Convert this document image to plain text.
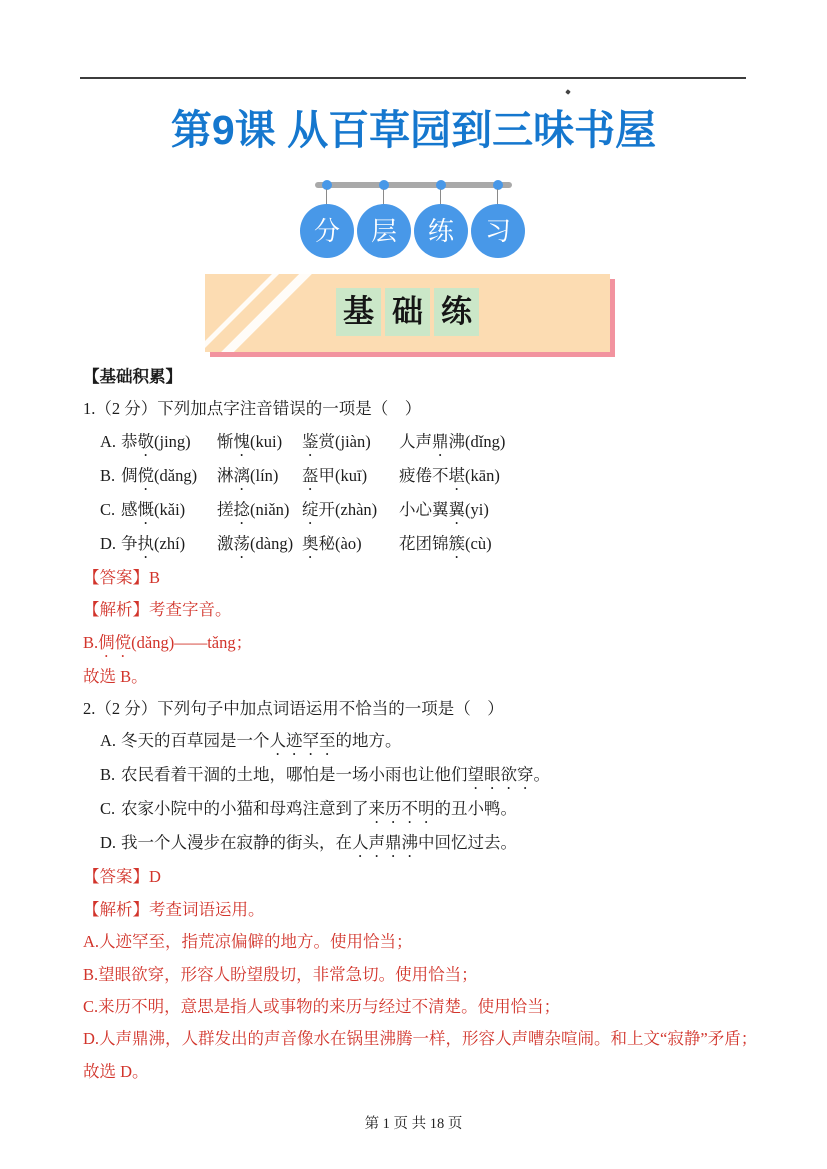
第9课 从百草园到三味书屋
分	层	练	习
基 础 练

【基础积累】

1.（2 分）下列加点字注音错误的一项是（　）

A. 恭敬(jing) 惭愧(kui) 鉴赏(jiàn) 人声鼎沸(dǐng)

B. 倜傥(dǎng) 淋漓(lín) 盔甲(kuī) 疲倦不堪(kān)

C. 感慨(kǎi) 搓捻(niǎn) 绽开(zhàn) 小心翼翼(yi)

D. 争执(zhí) 激荡(dàng) 奥秘(ào) 花团锦簇(cù)

【答案】B

【解析】考查字音。

B.倜傥(dǎng)——tǎng；

故选 B。

2.（2 分）下列句子中加点词语运用不恰当的一项是（　）

A. 冬天的百草园是一个人迹罕至的地方。

B. 农民看着干涸的土地，哪怕是一场小雨也让他们望眼欲穿。

C. 农家小院中的小猫和母鸡注意到了来历不明的丑小鸭。

D. 我一个人漫步在寂静的街头，在人声鼎沸中回忆过去。

【答案】D

【解析】考查词语运用。

A.人迹罕至，指荒凉偏僻的地方。使用恰当；

B.望眼欲穿，形容人盼望殷切，非常急切。使用恰当；

C.来历不明，意思是指人或事物的来历与经过不清楚。使用恰当；

D.人声鼎沸，人群发出的声音像水在锅里沸腾一样，形容人声嘈杂喧闹。和上文“寂静”矛盾；

故选 D。

第 1 页 共 18 页
